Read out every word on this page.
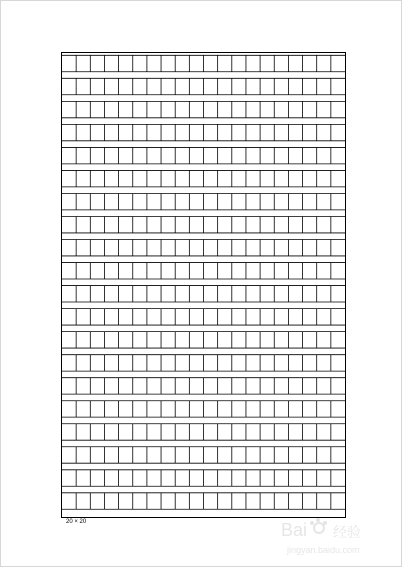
20 × 20	Bai 经验
jingyan.baidu.com
